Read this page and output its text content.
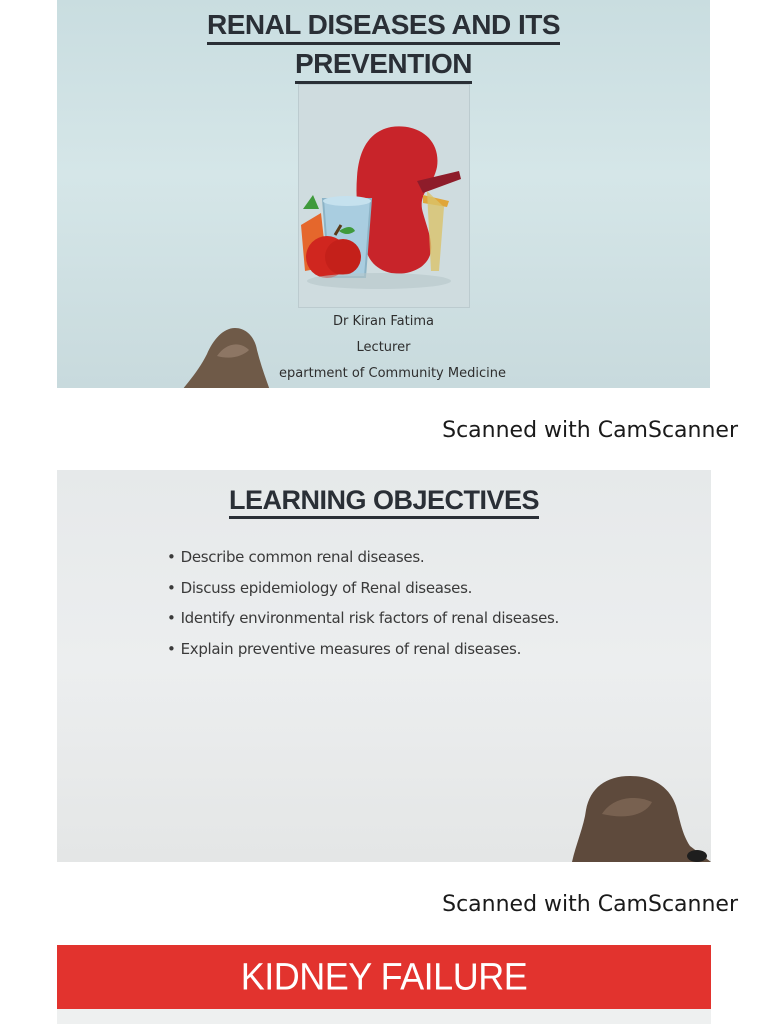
RENAL DISEASES AND ITS
PREVENTION
Dr Kiran Fatima
Lecturer
epartment of Community Medicine
Scanned with CamScanner
LEARNING OBJECTIVES
• Describe common renal diseases.
• Discuss epidemiology of Renal diseases.
• Identify environmental risk factors of renal diseases.
• Explain preventive measures of renal diseases.
Scanned with CamScanner
KIDNEY FAILURE
